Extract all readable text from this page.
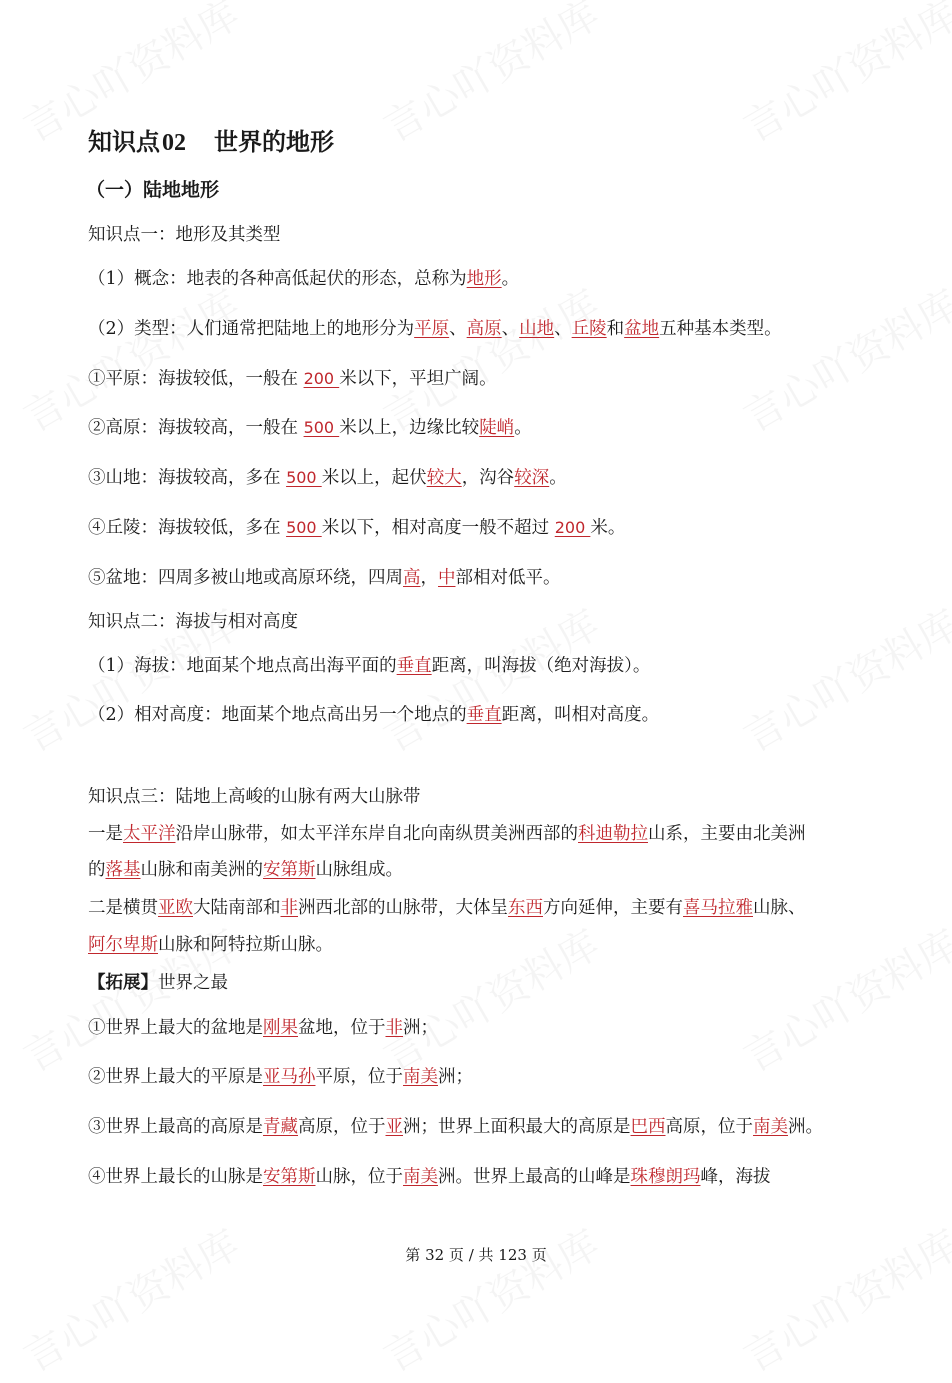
知识点02 世界的地形
（一）陆地地形
知识点一：地形及其类型
（1）概念：地表的各种高低起伏的形态，总称为地形。
（2）类型：人们通常把陆地上的地形分为平原、高原、山地、丘陵和盆地五种基本类型。
①平原：海拔较低，一般在 200 米以下，平坦广阔。
②高原：海拔较高，一般在 500 米以上，边缘比较陡峭。
③山地：海拔较高，多在 500 米以上，起伏较大，沟谷较深。
④丘陵：海拔较低，多在 500 米以下，相对高度一般不超过 200 米。
⑤盆地：四周多被山地或高原环绕，四周高，中部相对低平。
知识点二：海拔与相对高度
（1）海拔：地面某个地点高出海平面的垂直距离，叫海拔（绝对海拔）。
（2）相对高度：地面某个地点高出另一个地点的垂直距离，叫相对高度。
知识点三：陆地上高峻的山脉有两大山脉带
一是太平洋沿岸山脉带，如太平洋东岸自北向南纵贯美洲西部的科迪勒拉山系，主要由北美洲
的落基山脉和南美洲的安第斯山脉组成。
二是横贯亚欧大陆南部和非洲西北部的山脉带，大体呈东西方向延伸，主要有喜马拉雅山脉、
阿尔卑斯山脉和阿特拉斯山脉。
【拓展】世界之最
①世界上最大的盆地是刚果盆地，位于非洲；
②世界上最大的平原是亚马孙平原，位于南美洲；
③世界上最高的高原是青藏高原，位于亚洲；世界上面积最大的高原是巴西高原，位于南美洲。
④世界上最长的山脉是安第斯山脉，位于南美洲。世界上最高的山峰是珠穆朗玛峰，海拔
第 32 页 / 共 123 页
